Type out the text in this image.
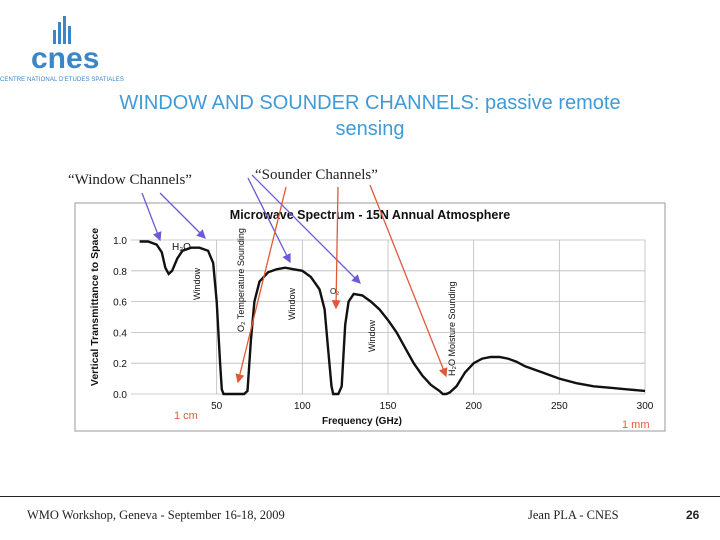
cnes
CENTRE NATIONAL D'ETUDES SPATIALES
WINDOW AND SOUNDER CHANNELS: passive remote sensing
Microwave Spectrum - 15N Annual Atmosphere
0.0
0.2
0.4
0.6
0.8
1.0
50	100	150	200	250	300
Vertical Transmittance to Space
Frequency (GHz)
H₂O
O₂
Window	O₂ Temperature Sounding	Window
Window	H₂O Moisture Sounding
1 cm
1 mm
“Window Channels”	“Sounder Channels”
WMO Workshop, Geneva - September 16-18, 2009	Jean PLA - CNES	26
